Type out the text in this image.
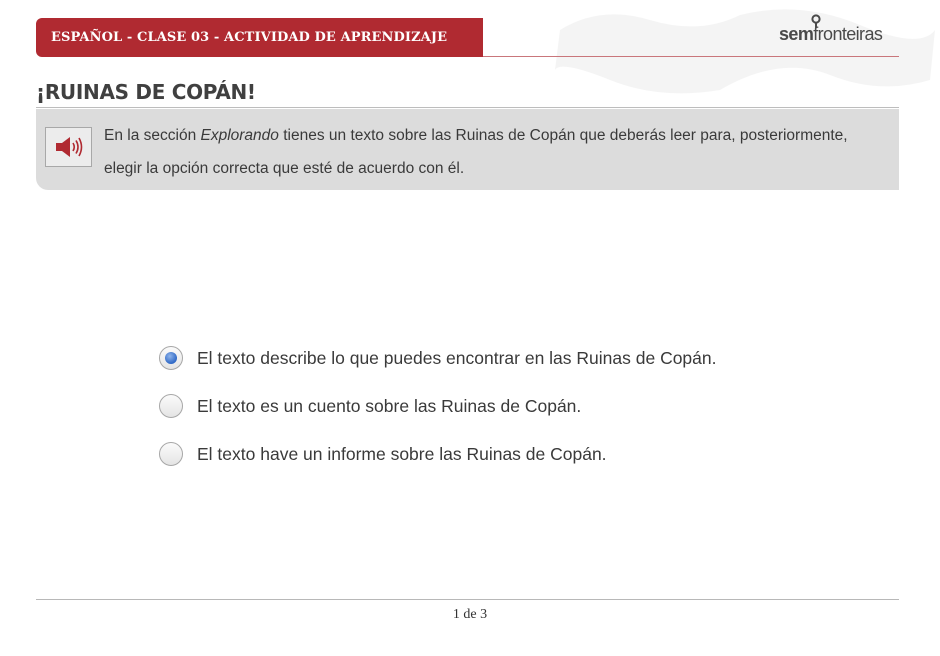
ESPAÑOL - CLASE 03 - ACTIVIDAD DE APRENDIZAJE	semfronteiras
¡RUINAS DE COPÁN!
En la sección Explorando tienes un texto sobre las Ruinas de Copán que deberás leer para, posteriormente, elegir la opción correcta que esté de acuerdo con él.
El texto describe lo que puedes encontrar en las Ruinas de Copán.
El texto es un cuento sobre las Ruinas de Copán.
El texto have un informe sobre las Ruinas de Copán.
1 de 3
